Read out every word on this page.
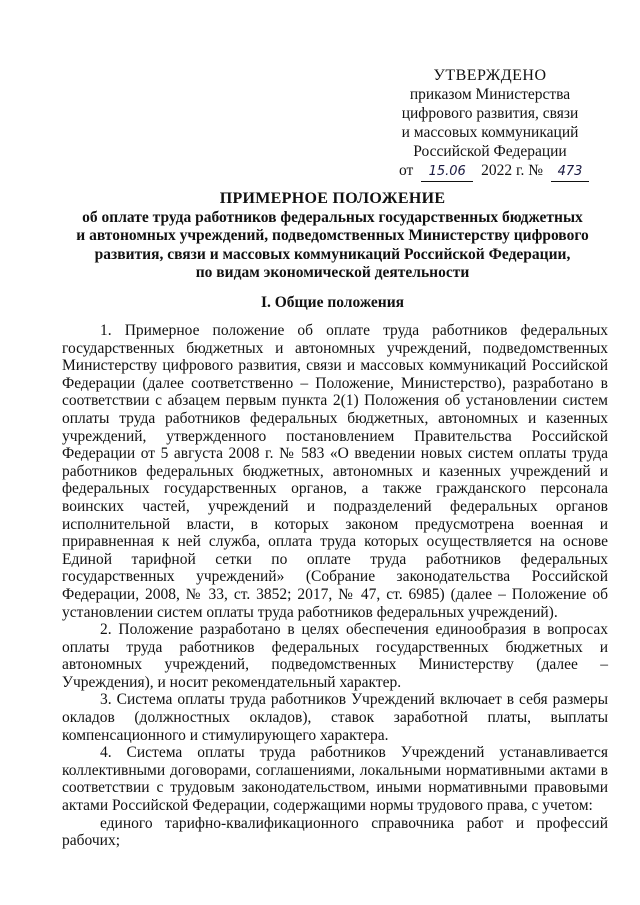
УТВЕРЖДЕНО
приказом Министерства
цифрового развития, связи
и массовых коммуникаций
Российской Федерации
от 15.06 2022 г. № 473
ПРИМЕРНОЕ ПОЛОЖЕНИЕ
об оплате труда работников федеральных государственных бюджетных
и автономных учреждений, подведомственных Министерству цифрового
развития, связи и массовых коммуникаций Российской Федерации,
по видам экономической деятельности
I. Общие положения

1. Примерное положение об оплате труда работников федеральных государственных бюджетных и автономных учреждений, подведомственных Министерству цифрового развития, связи и массовых коммуникаций Российской Федерации (далее соответственно – Положение, Министерство), разработано в соответствии с абзацем первым пункта 2(1) Положения об установлении систем оплаты труда работников федеральных бюджетных, автономных и казенных учреждений, утвержденного постановлением Правительства Российской Федерации от 5 августа 2008 г. № 583 «О введении новых систем оплаты труда работников федеральных бюджетных, автономных и казенных учреждений и федеральных государственных органов, а также гражданского персонала воинских частей, учреждений и подразделений федеральных органов исполнительной власти, в которых законом предусмотрена военная и приравненная к ней служба, оплата труда которых осуществляется на основе Единой тарифной сетки по оплате труда работников федеральных государственных учреждений» (Собрание законодательства Российской Федерации, 2008, № 33, ст. 3852; 2017, № 47, ст. 6985) (далее – Положение об установлении систем оплаты труда работников федеральных учреждений).

2. Положение разработано в целях обеспечения единообразия в вопросах оплаты труда работников федеральных государственных бюджетных и автономных учреждений, подведомственных Министерству (далее – Учреждения), и носит рекомендательный характер.

3. Система оплаты труда работников Учреждений включает в себя размеры окладов (должностных окладов), ставок заработной платы, выплаты компенсационного и стимулирующего характера.

4. Система оплаты труда работников Учреждений устанавливается коллективными договорами, соглашениями, локальными нормативными актами в соответствии с трудовым законодательством, иными нормативными правовыми актами Российской Федерации, содержащими нормы трудового права, с учетом:

единого тарифно-квалификационного справочника работ и профессий рабочих;
